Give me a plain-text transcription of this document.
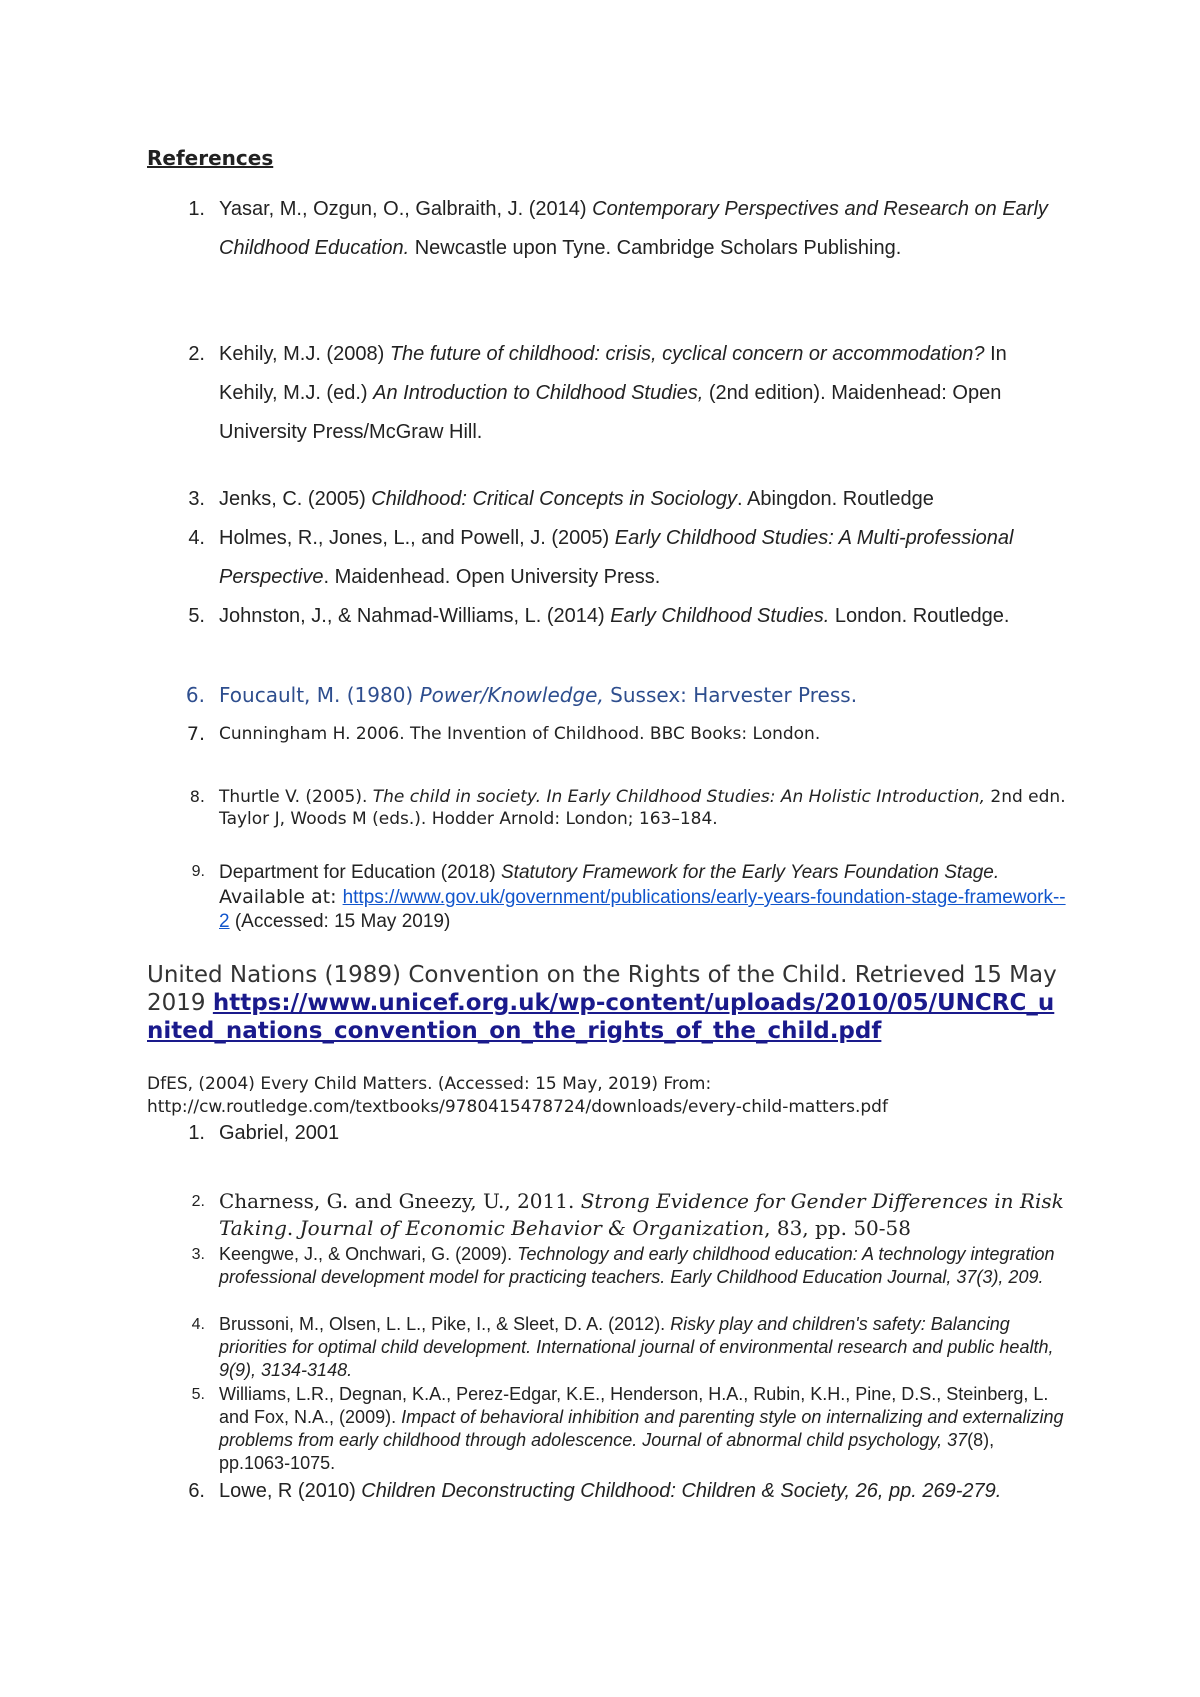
References
1. Yasar, M., Ozgun, O., Galbraith, J. (2014) Contemporary Perspectives and Research on Early Childhood Education. Newcastle upon Tyne. Cambridge Scholars Publishing.
2. Kehily, M.J. (2008) The future of childhood: crisis, cyclical concern or accommodation? In Kehily, M.J. (ed.) An Introduction to Childhood Studies, (2nd edition). Maidenhead: Open University Press/McGraw Hill.
3. Jenks, C. (2005) Childhood: Critical Concepts in Sociology. Abingdon. Routledge
4. Holmes, R., Jones, L., and Powell, J. (2005) Early Childhood Studies: A Multi-professional Perspective. Maidenhead. Open University Press.
5. Johnston, J., & Nahmad-Williams, L. (2014) Early Childhood Studies. London. Routledge.
6. Foucault, M. (1980) Power/Knowledge, Sussex: Harvester Press.
7. Cunningham H. 2006. The Invention of Childhood. BBC Books: London.
8. Thurtle V. (2005). The child in society. In Early Childhood Studies: An Holistic Introduction, 2nd edn. Taylor J, Woods M (eds.). Hodder Arnold: London; 163–184.
9. Department for Education (2018) Statutory Framework for the Early Years Foundation Stage. Available at: https://www.gov.uk/government/publications/early-years-foundation-stage-framework--2 (Accessed: 15 May 2019)
United Nations (1989) Convention on the Rights of the Child. Retrieved 15 May 2019 https://www.unicef.org.uk/wp-content/uploads/2010/05/UNCRC_united_nations_convention_on_the_rights_of_the_child.pdf
DfES, (2004) Every Child Matters. (Accessed: 15 May, 2019) From:
http://cw.routledge.com/textbooks/9780415478724/downloads/every-child-matters.pdf
1. Gabriel, 2001
2. Charness, G. and Gneezy, U., 2011. Strong Evidence for Gender Differences in Risk Taking. Journal of Economic Behavior & Organization, 83, pp. 50-58
3. Keengwe, J., & Onchwari, G. (2009). Technology and early childhood education: A technology integration professional development model for practicing teachers. Early Childhood Education Journal, 37(3), 209.
4. Brussoni, M., Olsen, L. L., Pike, I., & Sleet, D. A. (2012). Risky play and children's safety: Balancing priorities for optimal child development. International journal of environmental research and public health, 9(9), 3134-3148.
5. Williams, L.R., Degnan, K.A., Perez-Edgar, K.E., Henderson, H.A., Rubin, K.H., Pine, D.S., Steinberg, L. and Fox, N.A., (2009). Impact of behavioral inhibition and parenting style on internalizing and externalizing problems from early childhood through adolescence. Journal of abnormal child psychology, 37(8), pp.1063-1075.
6. Lowe, R (2010) Children Deconstructing Childhood: Children & Society, 26, pp. 269-279.
